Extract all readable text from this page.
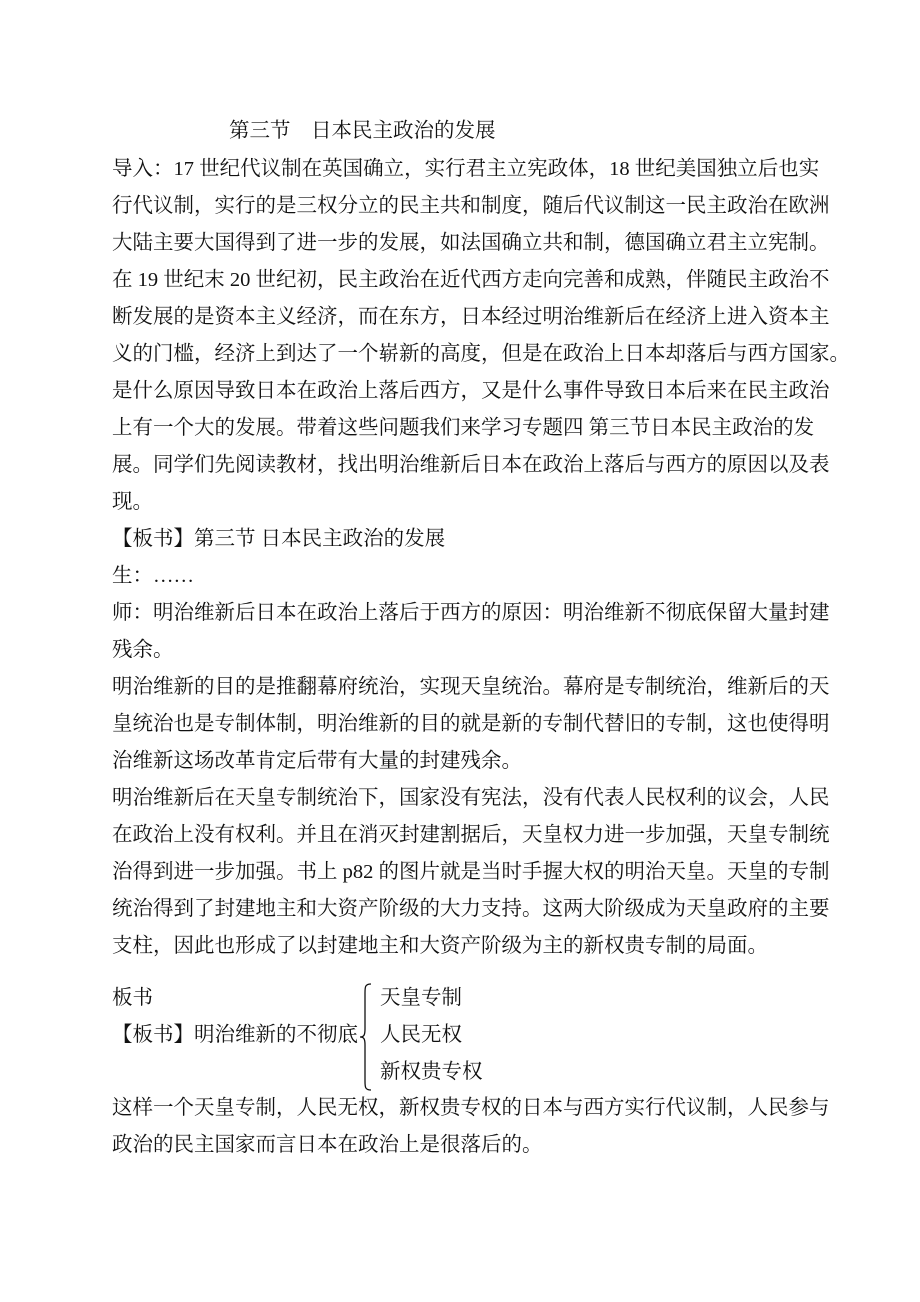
第三节　日本民主政治的发展
导入：17 世纪代议制在英国确立，实行君主立宪政体，18 世纪美国独立后也实
行代议制，实行的是三权分立的民主共和制度，随后代议制这一民主政治在欧洲
大陆主要大国得到了进一步的发展，如法国确立共和制，德国确立君主立宪制。
在 19 世纪末 20 世纪初，民主政治在近代西方走向完善和成熟，伴随民主政治不
断发展的是资本主义经济，而在东方，日本经过明治维新后在经济上进入资本主
义的门槛，经济上到达了一个崭新的高度，但是在政治上日本却落后与西方国家。
是什么原因导致日本在政治上落后西方，又是什么事件导致日本后来在民主政治
上有一个大的发展。带着这些问题我们来学习专题四 第三节日本民主政治的发
展。同学们先阅读教材，找出明治维新后日本在政治上落后与西方的原因以及表
现。
【板书】第三节 日本民主政治的发展
生：……
师：明治维新后日本在政治上落后于西方的原因：明治维新不彻底保留大量封建
残余。
明治维新的目的是推翻幕府统治，实现天皇统治。幕府是专制统治，维新后的天
皇统治也是专制体制，明治维新的目的就是新的专制代替旧的专制，这也使得明
治维新这场改革肯定后带有大量的封建残余。
明治维新后在天皇专制统治下，国家没有宪法，没有代表人民权利的议会，人民
在政治上没有权利。并且在消灭封建割据后，天皇权力进一步加强，天皇专制统
治得到进一步加强。书上 p82 的图片就是当时手握大权的明治天皇。天皇的专制
统治得到了封建地主和大资产阶级的大力支持。这两大阶级成为天皇政府的主要
支柱，因此也形成了以封建地主和大资产阶级为主的新权贵专制的局面。
板书
【板书】明治维新的不彻底
天皇专制
人民无权
新权贵专权
这样一个天皇专制，人民无权，新权贵专权的日本与西方实行代议制，人民参与
政治的民主国家而言日本在政治上是很落后的。
